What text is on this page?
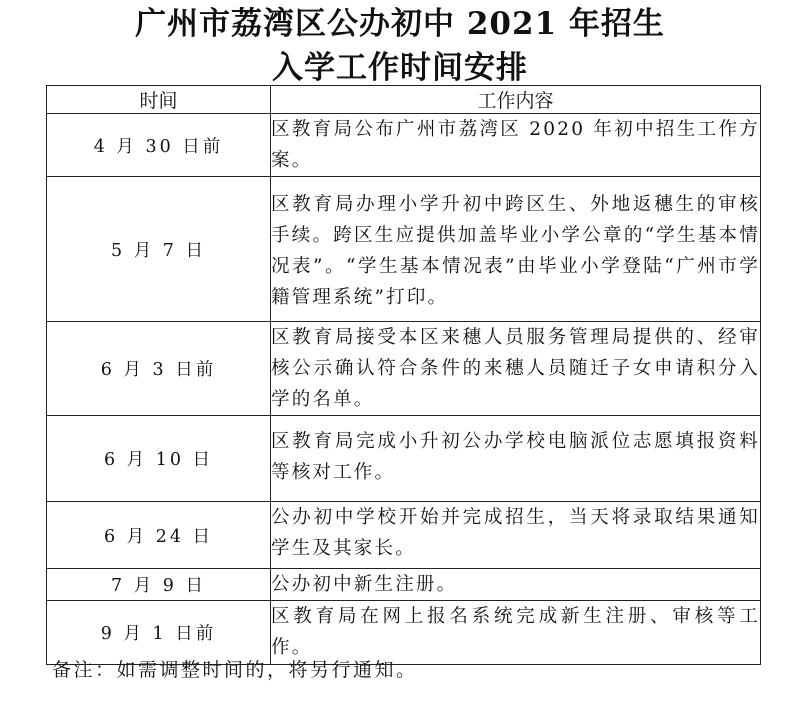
广州市荔湾区公办初中 2021 年招生
入学工作时间安排
时间	工作内容
4 月 30 日前	区教育局公布广州市荔湾区 2020 年初中招生工作方案。
5 月 7 日	区教育局办理小学升初中跨区生、外地返穗生的审核手续。跨区生应提供加盖毕业小学公章的“学生基本情况表”。“学生基本情况表”由毕业小学登陆“广州市学籍管理系统”打印。
6 月 3 日前	区教育局接受本区来穗人员服务管理局提供的、经审核公示确认符合条件的来穗人员随迁子女申请积分入学的名单。
6 月 10 日	区教育局完成小升初公办学校电脑派位志愿填报资料等核对工作。
6 月 24 日	公办初中学校开始并完成招生，当天将录取结果通知学生及其家长。
7 月 9 日	公办初中新生注册。
9 月 1 日前	区教育局在网上报名系统完成新生注册、审核等工作。
备注：如需调整时间的，将另行通知。
